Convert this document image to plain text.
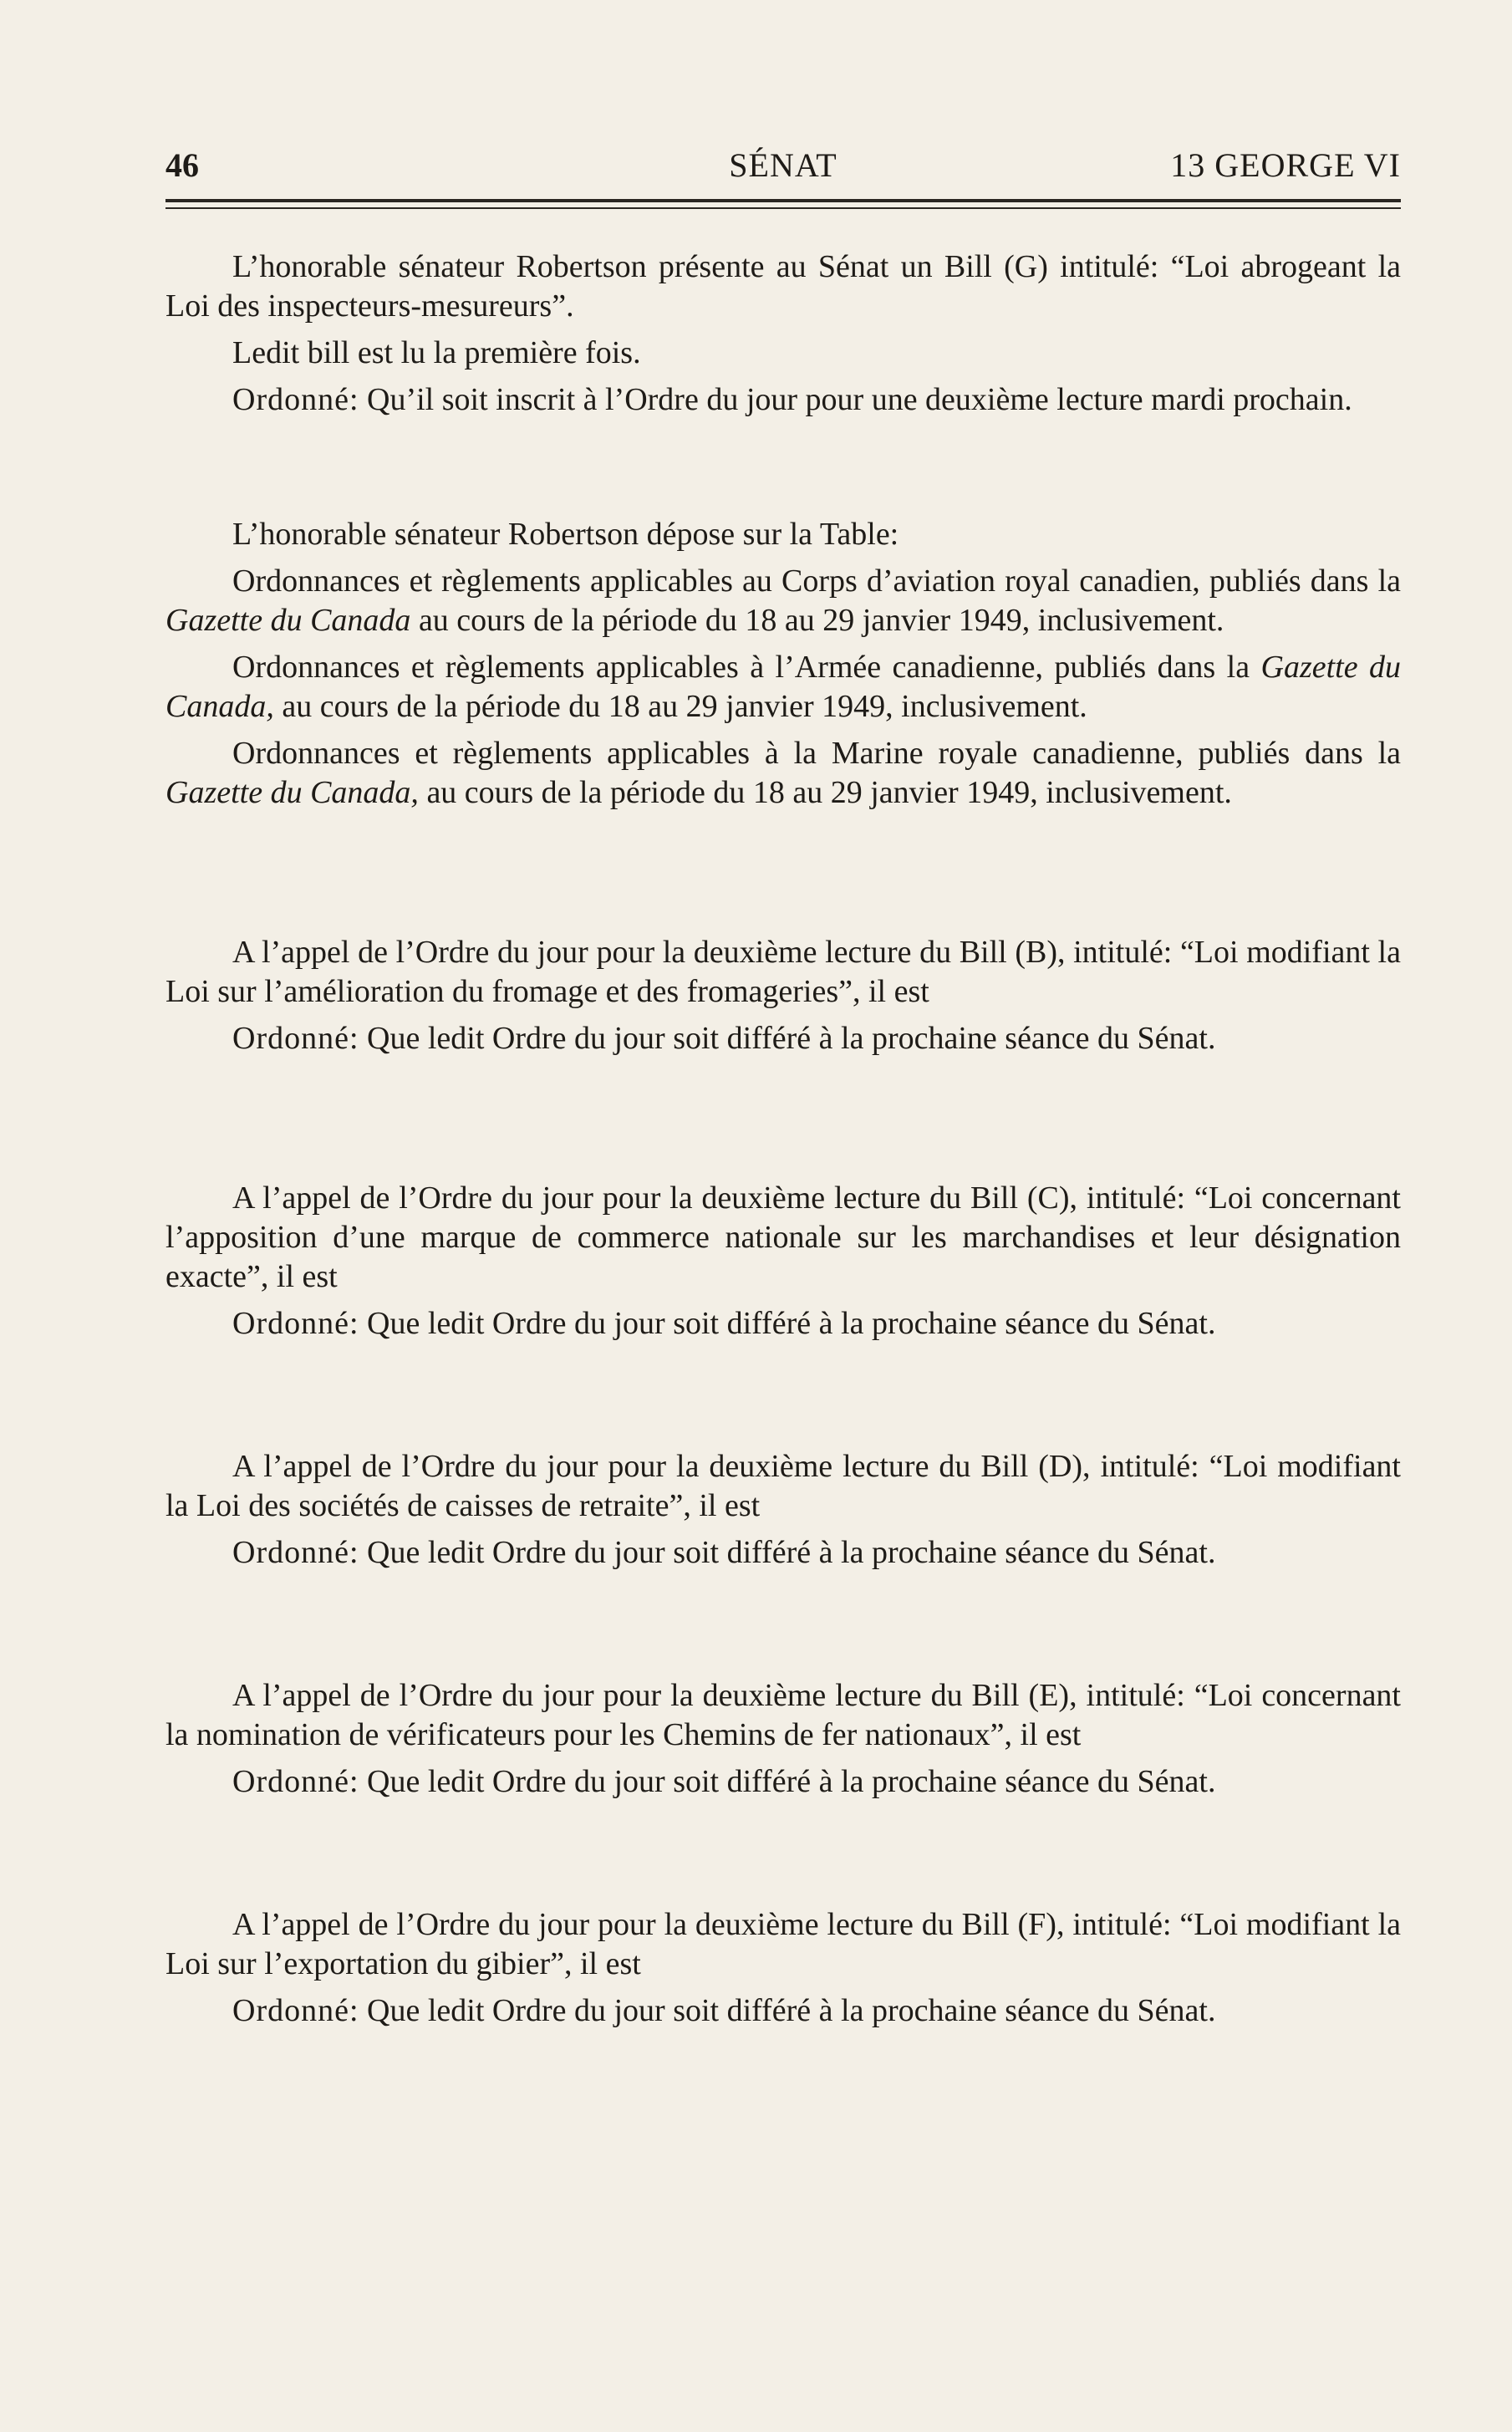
46	SÉNAT	13 GEORGE VI

L’honorable sénateur Robertson présente au Sénat un Bill (G) intitulé: “Loi abrogeant la Loi des inspecteurs-mesureurs”.

Ledit bill est lu la première fois.

Ordonné: Qu’il soit inscrit à l’Ordre du jour pour une deuxième lecture mardi prochain.

L’honorable sénateur Robertson dépose sur la Table:

Ordonnances et règlements applicables au Corps d’aviation royal canadien, publiés dans la Gazette du Canada au cours de la période du 18 au 29 janvier 1949, inclusivement.

Ordonnances et règlements applicables à l’Armée canadienne, publiés dans la Gazette du Canada, au cours de la période du 18 au 29 janvier 1949, inclusivement.

Ordonnances et règlements applicables à la Marine royale canadienne, publiés dans la Gazette du Canada, au cours de la période du 18 au 29 janvier 1949, inclusivement.

A l’appel de l’Ordre du jour pour la deuxième lecture du Bill (B), intitulé: “Loi modifiant la Loi sur l’amélioration du fromage et des fromageries”, il est

Ordonné: Que ledit Ordre du jour soit différé à la prochaine séance du Sénat.

A l’appel de l’Ordre du jour pour la deuxième lecture du Bill (C), intitulé: “Loi concernant l’apposition d’une marque de commerce nationale sur les marchandises et leur désignation exacte”, il est

Ordonné: Que ledit Ordre du jour soit différé à la prochaine séance du Sénat.

A l’appel de l’Ordre du jour pour la deuxième lecture du Bill (D), intitulé: “Loi modifiant la Loi des sociétés de caisses de retraite”, il est

Ordonné: Que ledit Ordre du jour soit différé à la prochaine séance du Sénat.

A l’appel de l’Ordre du jour pour la deuxième lecture du Bill (E), intitulé: “Loi concernant la nomination de vérificateurs pour les Chemins de fer nationaux”, il est

Ordonné: Que ledit Ordre du jour soit différé à la prochaine séance du Sénat.

A l’appel de l’Ordre du jour pour la deuxième lecture du Bill (F), intitulé: “Loi modifiant la Loi sur l’exportation du gibier”, il est

Ordonné: Que ledit Ordre du jour soit différé à la prochaine séance du Sénat.
